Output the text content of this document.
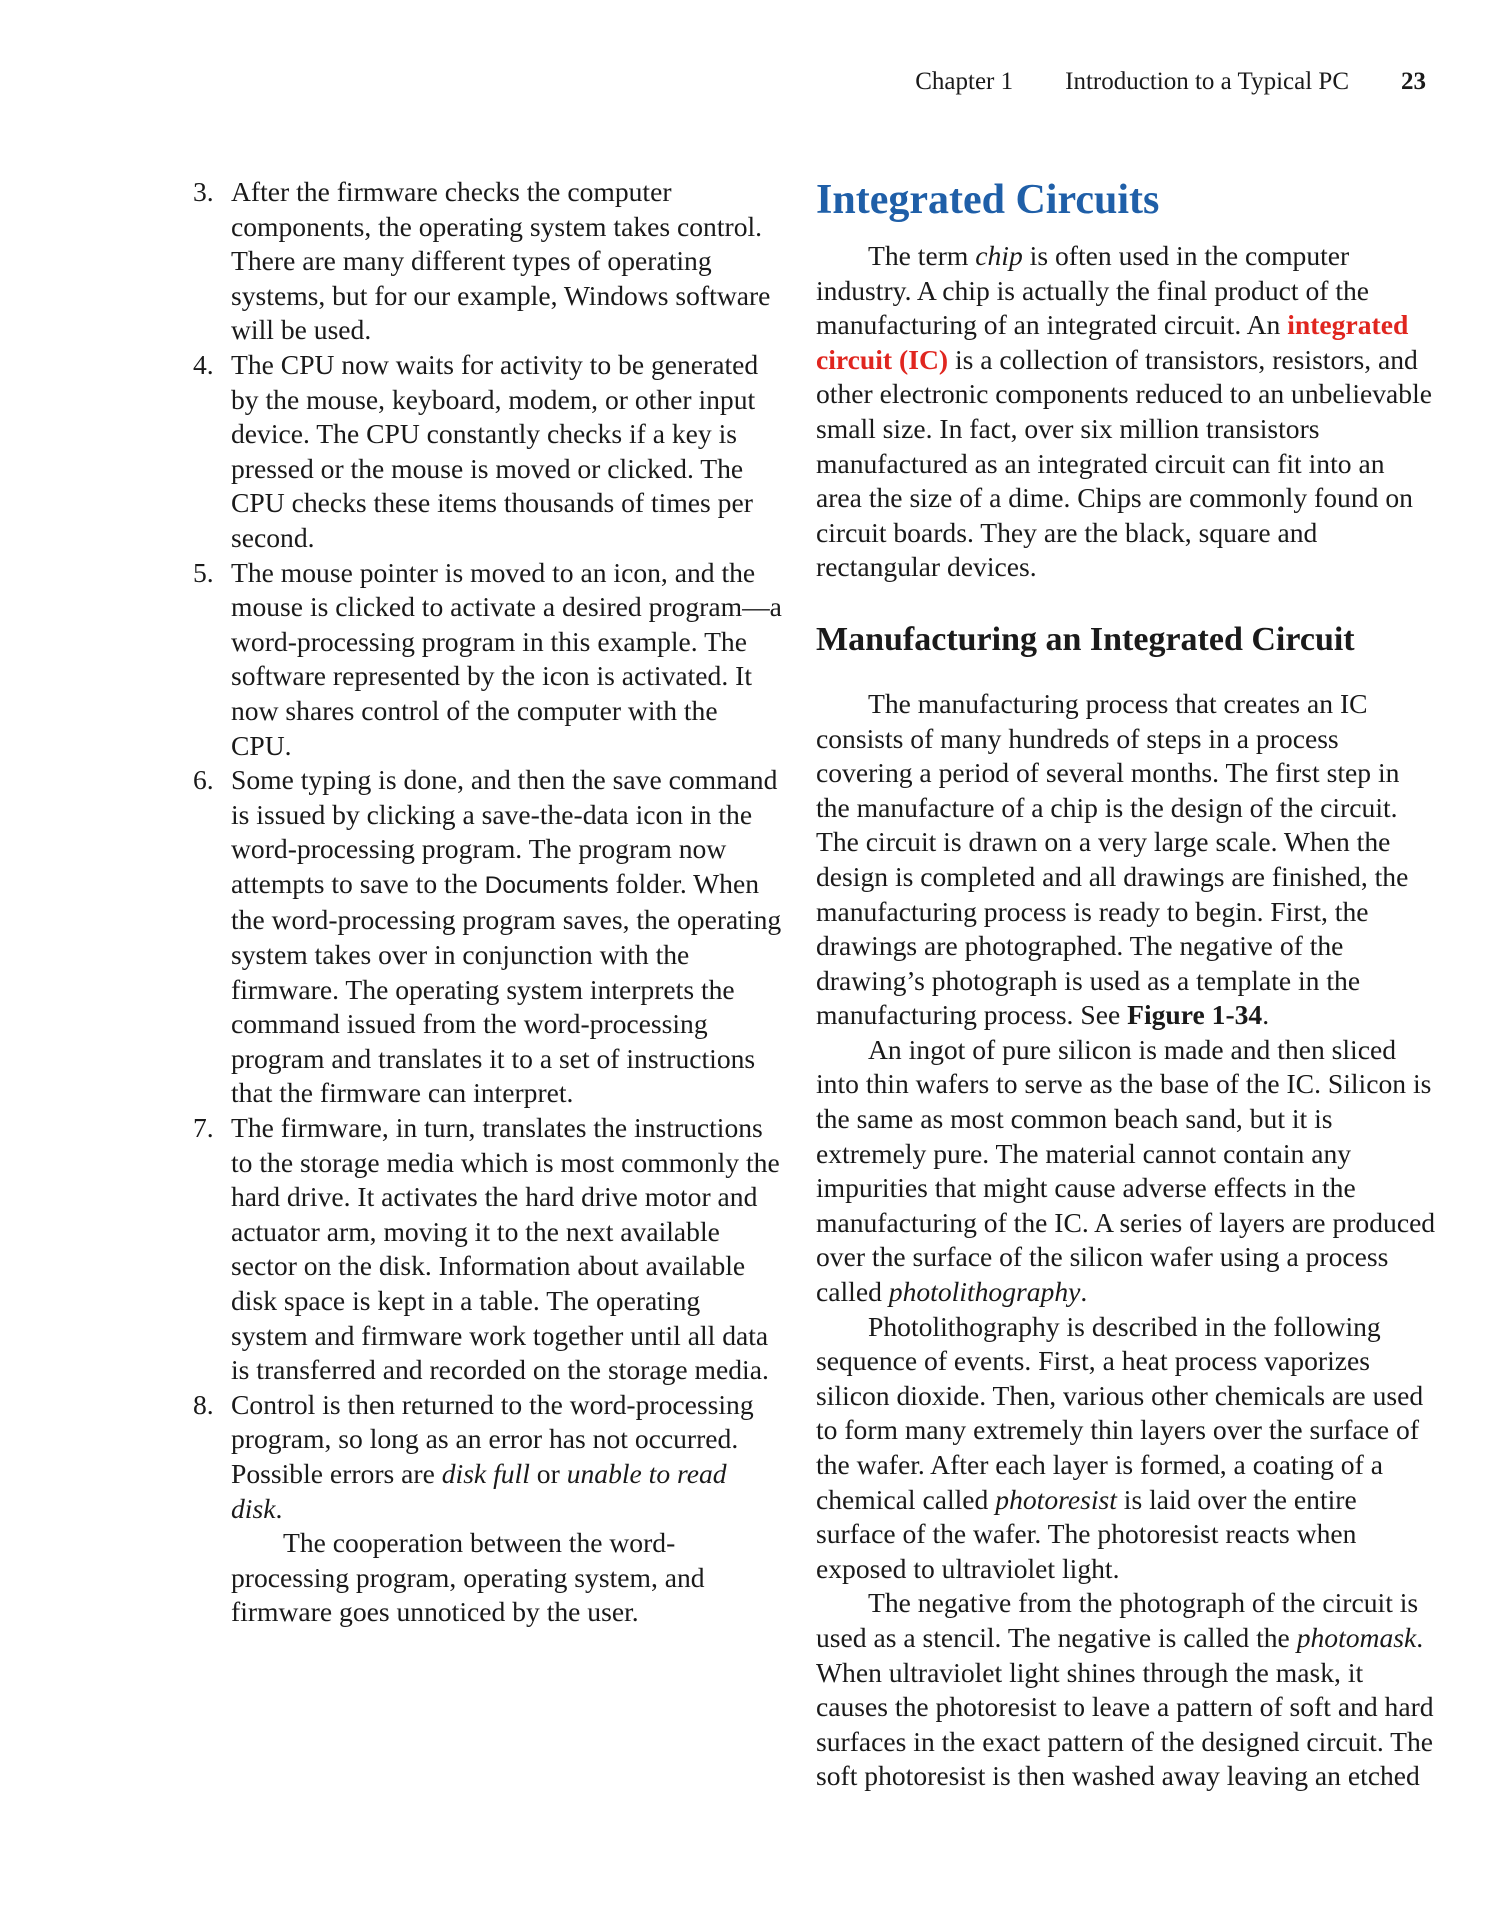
Chapter 1 Introduction to a Typical PC 23
3. After the firmware checks the computer components, the operating system takes control. There are many different types of operating systems, but for our example, Windows software will be used.
4. The CPU now waits for activity to be generated by the mouse, keyboard, modem, or other input device. The CPU constantly checks if a key is pressed or the mouse is moved or clicked. The CPU checks these items thousands of times per second.
5. The mouse pointer is moved to an icon, and the mouse is clicked to activate a desired program—a word-processing program in this example. The software represented by the icon is activated. It now shares control of the computer with the CPU.
6. Some typing is done, and then the save command is issued by clicking a save-the-data icon in the word-processing program. The program now attempts to save to the Documents folder. When the word-processing program saves, the operating system takes over in conjunction with the firmware. The operating system interprets the command issued from the word-processing program and translates it to a set of instructions that the firmware can interpret.
7. The firmware, in turn, translates the instructions to the storage media which is most commonly the hard drive. It activates the hard drive motor and actuator arm, moving it to the next available sector on the disk. Information about available disk space is kept in a table. The operating system and firmware work together until all data is transferred and recorded on the storage media.
8. Control is then returned to the word-processing program, so long as an error has not occurred. Possible errors are disk full or unable to read disk.

The cooperation between the word-processing program, operating system, and firmware goes unnoticed by the user.

Integrated Circuits

The term chip is often used in the computer industry. A chip is actually the final product of the manufacturing of an integrated circuit. An integrated circuit (IC) is a collection of transistors, resistors, and other electronic components reduced to an unbelievable small size. In fact, over six million transistors manufactured as an integrated circuit can fit into an area the size of a dime. Chips are commonly found on circuit boards. They are the black, square and rectangular devices.

Manufacturing an Integrated Circuit

The manufacturing process that creates an IC consists of many hundreds of steps in a process covering a period of several months. The first step in the manufacture of a chip is the design of the circuit. The circuit is drawn on a very large scale. When the design is completed and all drawings are finished, the manufacturing process is ready to begin. First, the drawings are photographed. The negative of the drawing’s photograph is used as a template in the manufacturing process. See Figure 1-34.

An ingot of pure silicon is made and then sliced into thin wafers to serve as the base of the IC. Silicon is the same as most common beach sand, but it is extremely pure. The material cannot contain any impurities that might cause adverse effects in the manufacturing of the IC. A series of layers are produced over the surface of the silicon wafer using a process called photolithography.

Photolithography is described in the following sequence of events. First, a heat process vaporizes silicon dioxide. Then, various other chemicals are used to form many extremely thin layers over the surface of the wafer. After each layer is formed, a coating of a chemical called photoresist is laid over the entire surface of the wafer. The photoresist reacts when exposed to ultraviolet light.

The negative from the photograph of the circuit is used as a stencil. The negative is called the photomask. When ultraviolet light shines through the mask, it causes the photoresist to leave a pattern of soft and hard surfaces in the exact pattern of the designed circuit. The soft photoresist is then washed away leaving an etched
